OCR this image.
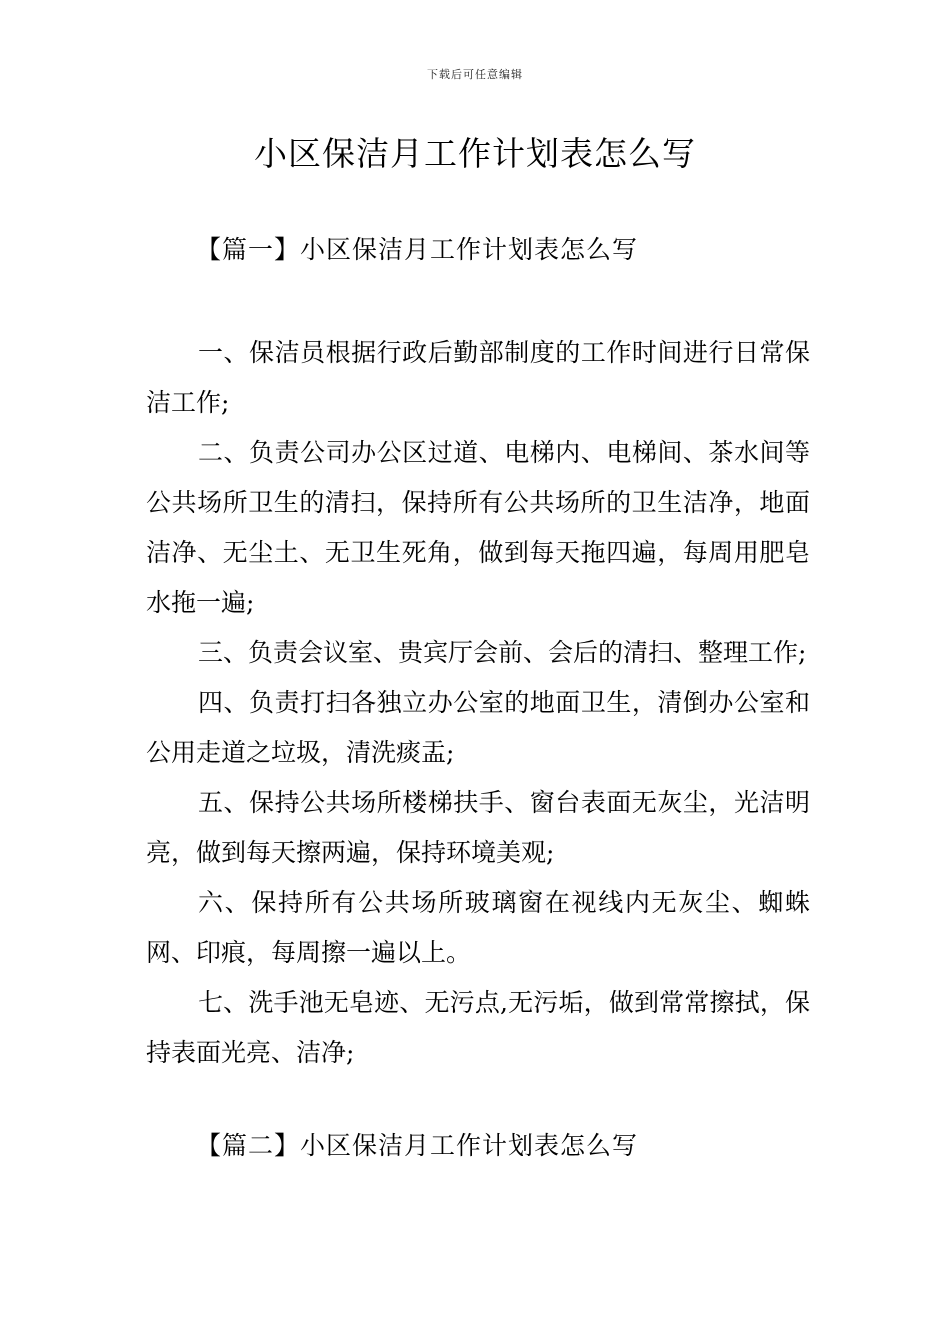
下载后可任意编辑
小区保洁月工作计划表怎么写
【篇一】小区保洁月工作计划表怎么写

一、保洁员根据行政后勤部制度的工作时间进行日常保洁工作;

二、负责公司办公区过道、电梯内、电梯间、茶水间等公共场所卫生的清扫，保持所有公共场所的卫生洁净，地面洁净、无尘土、无卫生死角，做到每天拖四遍，每周用肥皂水拖一遍;

三、负责会议室、贵宾厅会前、会后的清扫、整理工作;

四、负责打扫各独立办公室的地面卫生，清倒办公室和公用走道之垃圾，清洗痰盂;

五、保持公共场所楼梯扶手、窗台表面无灰尘，光洁明亮，做到每天擦两遍，保持环境美观;

六、保持所有公共场所玻璃窗在视线内无灰尘、蜘蛛网、印痕，每周擦一遍以上。

七、洗手池无皂迹、无污点,无污垢，做到常常擦拭，保持表面光亮、洁净;

【篇二】小区保洁月工作计划表怎么写
